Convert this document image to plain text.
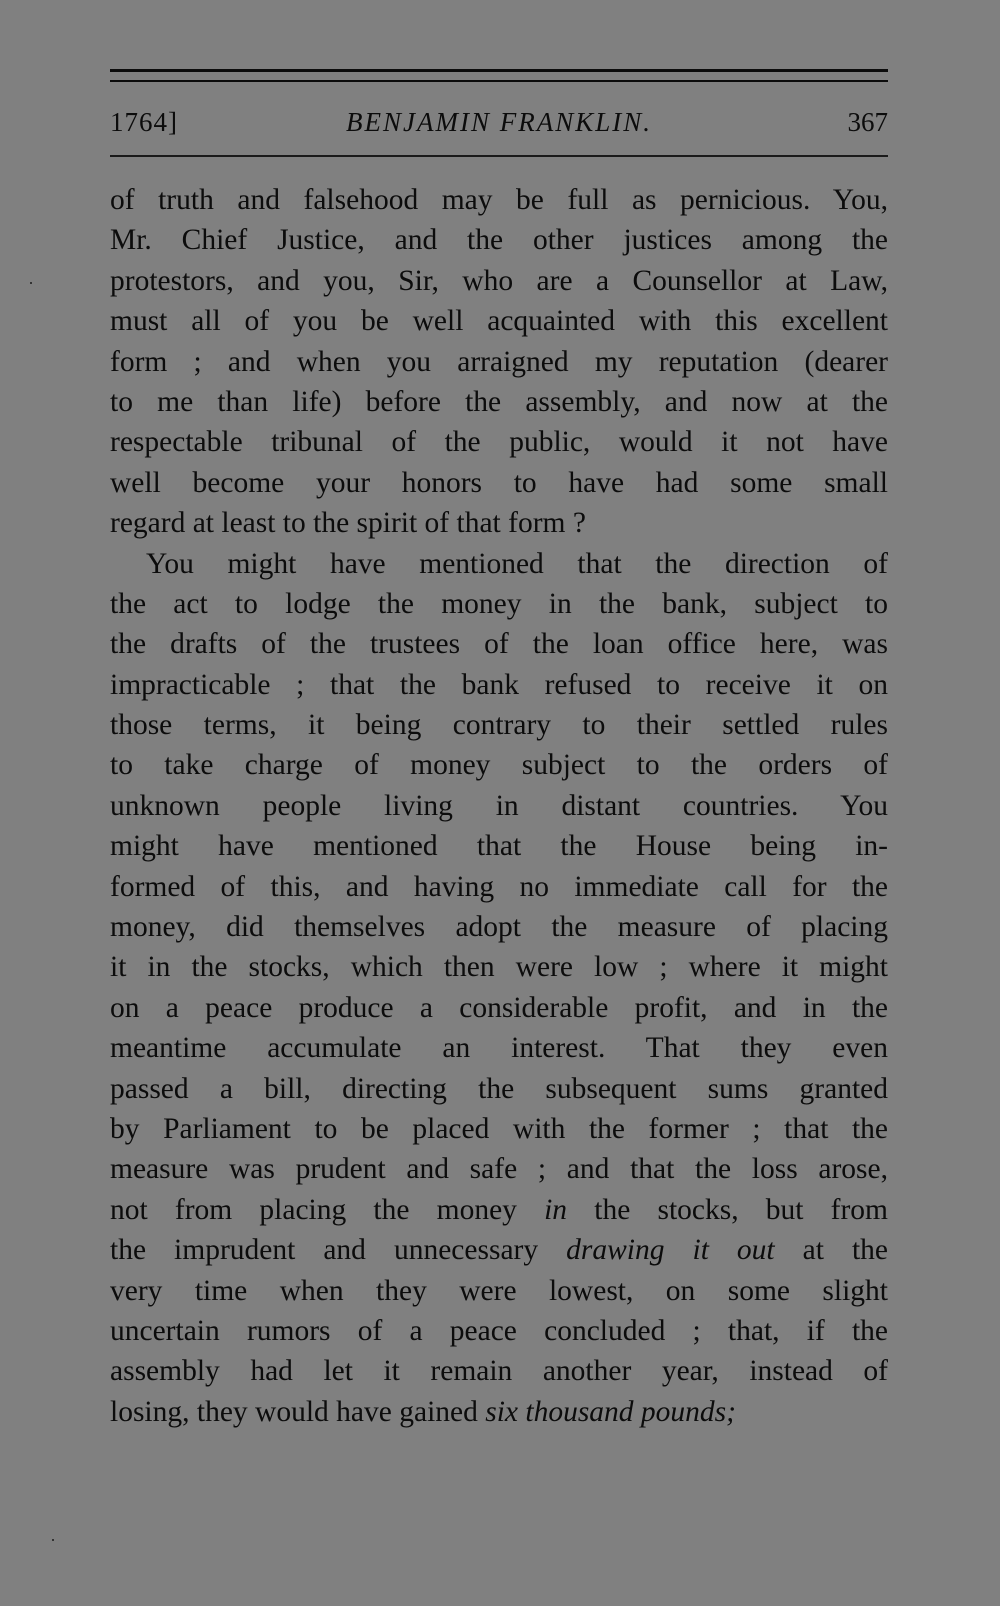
1764]	BENJAMIN FRANKLIN.	367
of truth and falsehood may be full as pernicious. You,
Mr. Chief Justice, and the other justices among the
protestors, and you, Sir, who are a Counsellor at Law,
must all of you be well acquainted with this excellent
form ; and when you arraigned my reputation (dearer
to me than life) before the assembly, and now at the
respectable tribunal of the public, would it not have
well become your honors to have had some small
regard at least to the spirit of that form ?
You might have mentioned that the direction of
the act to lodge the money in the bank, subject to
the drafts of the trustees of the loan office here, was
impracticable ; that the bank refused to receive it on
those terms, it being contrary to their settled rules
to take charge of money subject to the orders of
unknown people living in distant countries. You
might have mentioned that the House being in-
formed of this, and having no immediate call for the
money, did themselves adopt the measure of placing
it in the stocks, which then were low ; where it might
on a peace produce a considerable profit, and in the
meantime accumulate an interest. That they even
passed a bill, directing the subsequent sums granted
by Parliament to be placed with the former ; that the
measure was prudent and safe ; and that the loss arose,
not from placing the money in the stocks, but from
the imprudent and unnecessary drawing it out at the
very time when they were lowest, on some slight
uncertain rumors of a peace concluded ; that, if the
assembly had let it remain another year, instead of
losing, they would have gained six thousand pounds;
